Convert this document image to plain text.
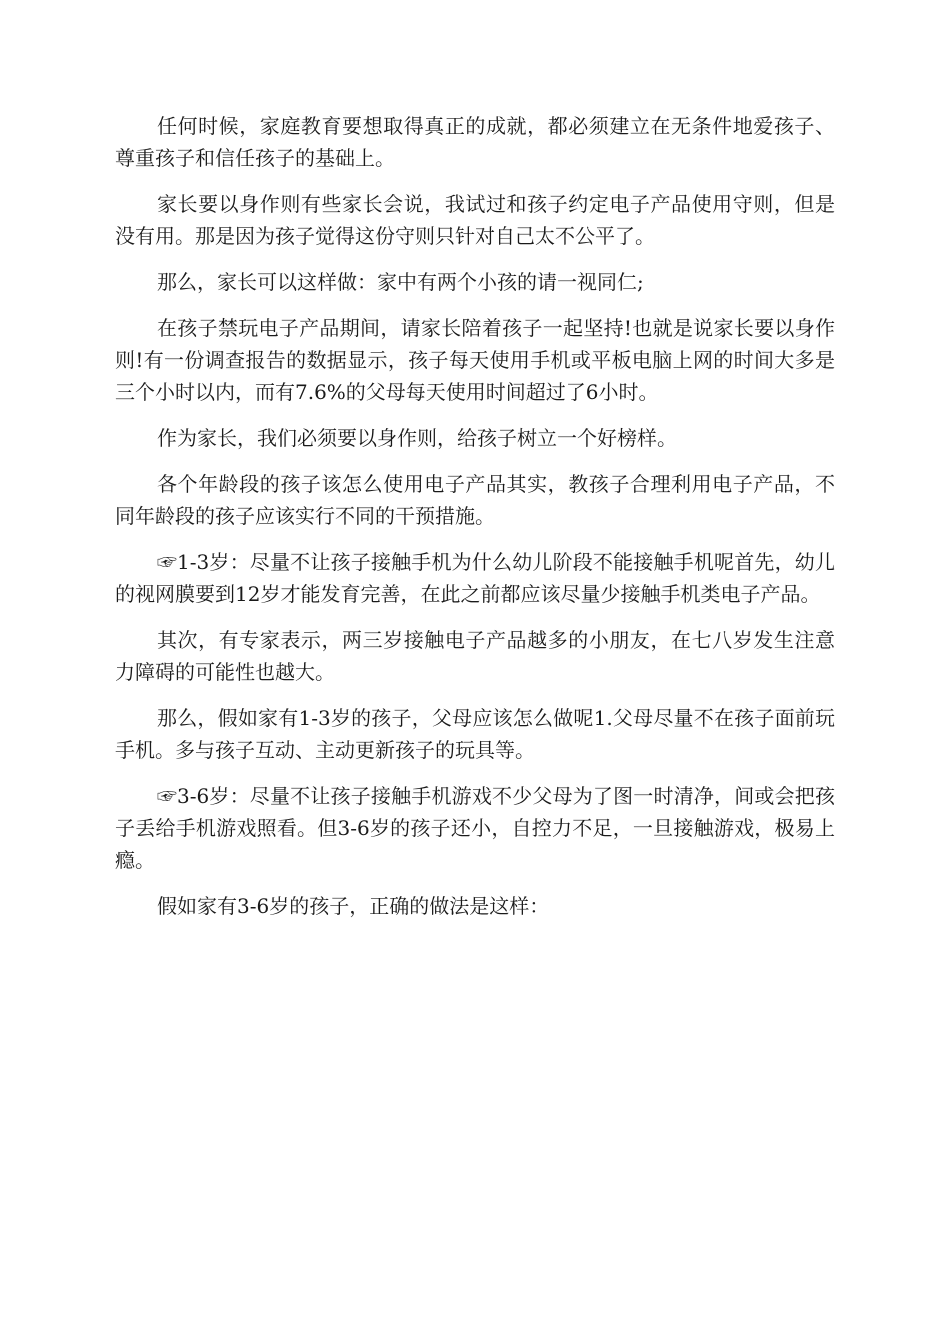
任何时候，家庭教育要想取得真正的成就，都必须建立在无条件地爱孩子、尊重孩子和信任孩子的基础上。

家长要以身作则有些家长会说，我试过和孩子约定电子产品使用守则，但是没有用。那是因为孩子觉得这份守则只针对自己太不公平了。

那么，家长可以这样做：家中有两个小孩的请一视同仁;

在孩子禁玩电子产品期间，请家长陪着孩子一起坚持!也就是说家长要以身作则!有一份调查报告的数据显示，孩子每天使用手机或平板电脑上网的时间大多是三个小时以内，而有7.6%的父母每天使用时间超过了6小时。

作为家长，我们必须要以身作则，给孩子树立一个好榜样。

各个年龄段的孩子该怎么使用电子产品其实，教孩子合理利用电子产品，不同年龄段的孩子应该实行不同的干预措施。

☞1-3岁：尽量不让孩子接触手机为什么幼儿阶段不能接触手机呢首先，幼儿的视网膜要到12岁才能发育完善，在此之前都应该尽量少接触手机类电子产品。

其次，有专家表示，两三岁接触电子产品越多的小朋友，在七八岁发生注意力障碍的可能性也越大。

那么，假如家有1-3岁的孩子，父母应该怎么做呢1.父母尽量不在孩子面前玩手机。多与孩子互动、主动更新孩子的玩具等。

☞3-6岁：尽量不让孩子接触手机游戏不少父母为了图一时清净，间或会把孩子丢给手机游戏照看。但3-6岁的孩子还小，自控力不足，一旦接触游戏，极易上瘾。

假如家有3-6岁的孩子，正确的做法是这样：
